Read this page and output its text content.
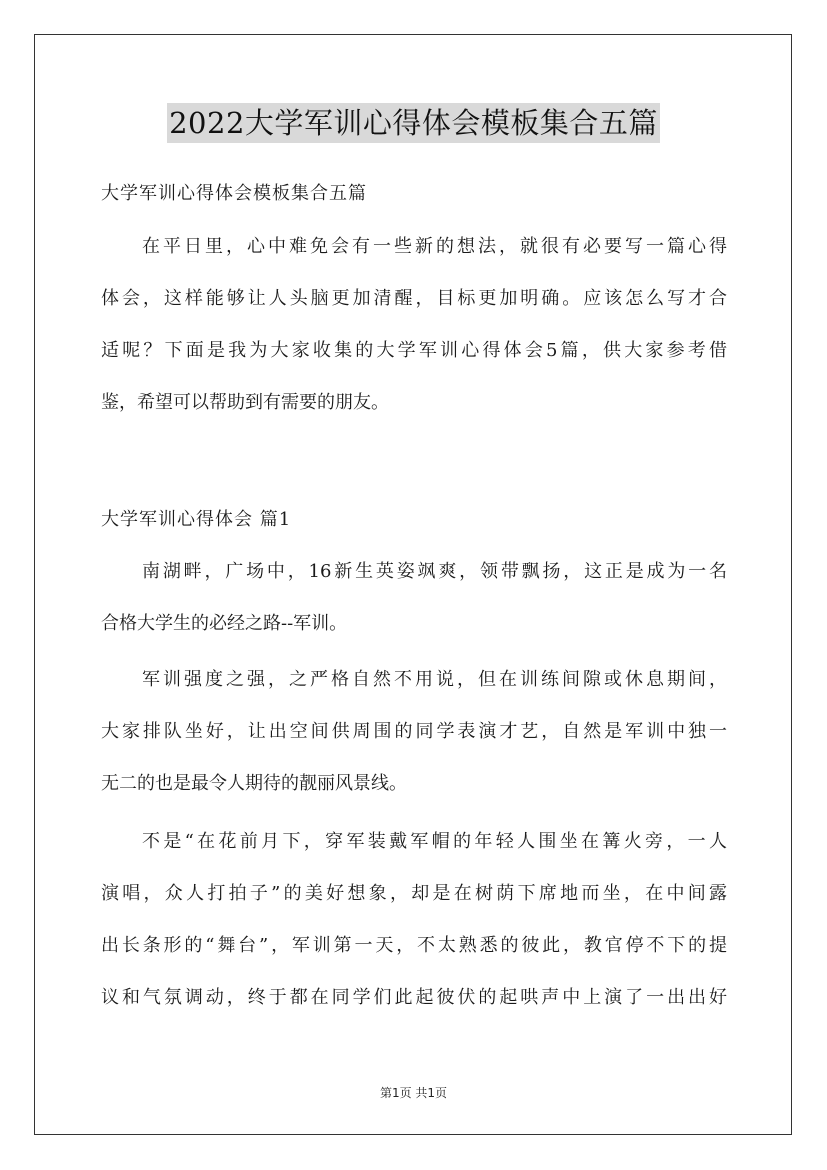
2022大学军训心得体会模板集合五篇
大学军训心得体会模板集合五篇
在平日里，心中难免会有一些新的想法，就很有必要写一篇心得
体会，这样能够让人头脑更加清醒，目标更加明确。应该怎么写才合
适呢？下面是我为大家收集的大学军训心得体会5篇，供大家参考借
鉴，希望可以帮助到有需要的朋友。
大学军训心得体会 篇1
南湖畔，广场中，16新生英姿飒爽，领带飘扬，这正是成为一名
合格大学生的必经之路--军训。
军训强度之强，之严格自然不用说，但在训练间隙或休息期间，
大家排队坐好，让出空间供周围的同学表演才艺，自然是军训中独一
无二的也是最令人期待的靓丽风景线。
不是“在花前月下，穿军装戴军帽的年轻人围坐在篝火旁，一人
演唱，众人打拍子”的美好想象，却是在树荫下席地而坐，在中间露
出长条形的“舞台”，军训第一天，不太熟悉的彼此，教官停不下的提
议和气氛调动，终于都在同学们此起彼伏的起哄声中上演了一出出好
第1页 共1页
